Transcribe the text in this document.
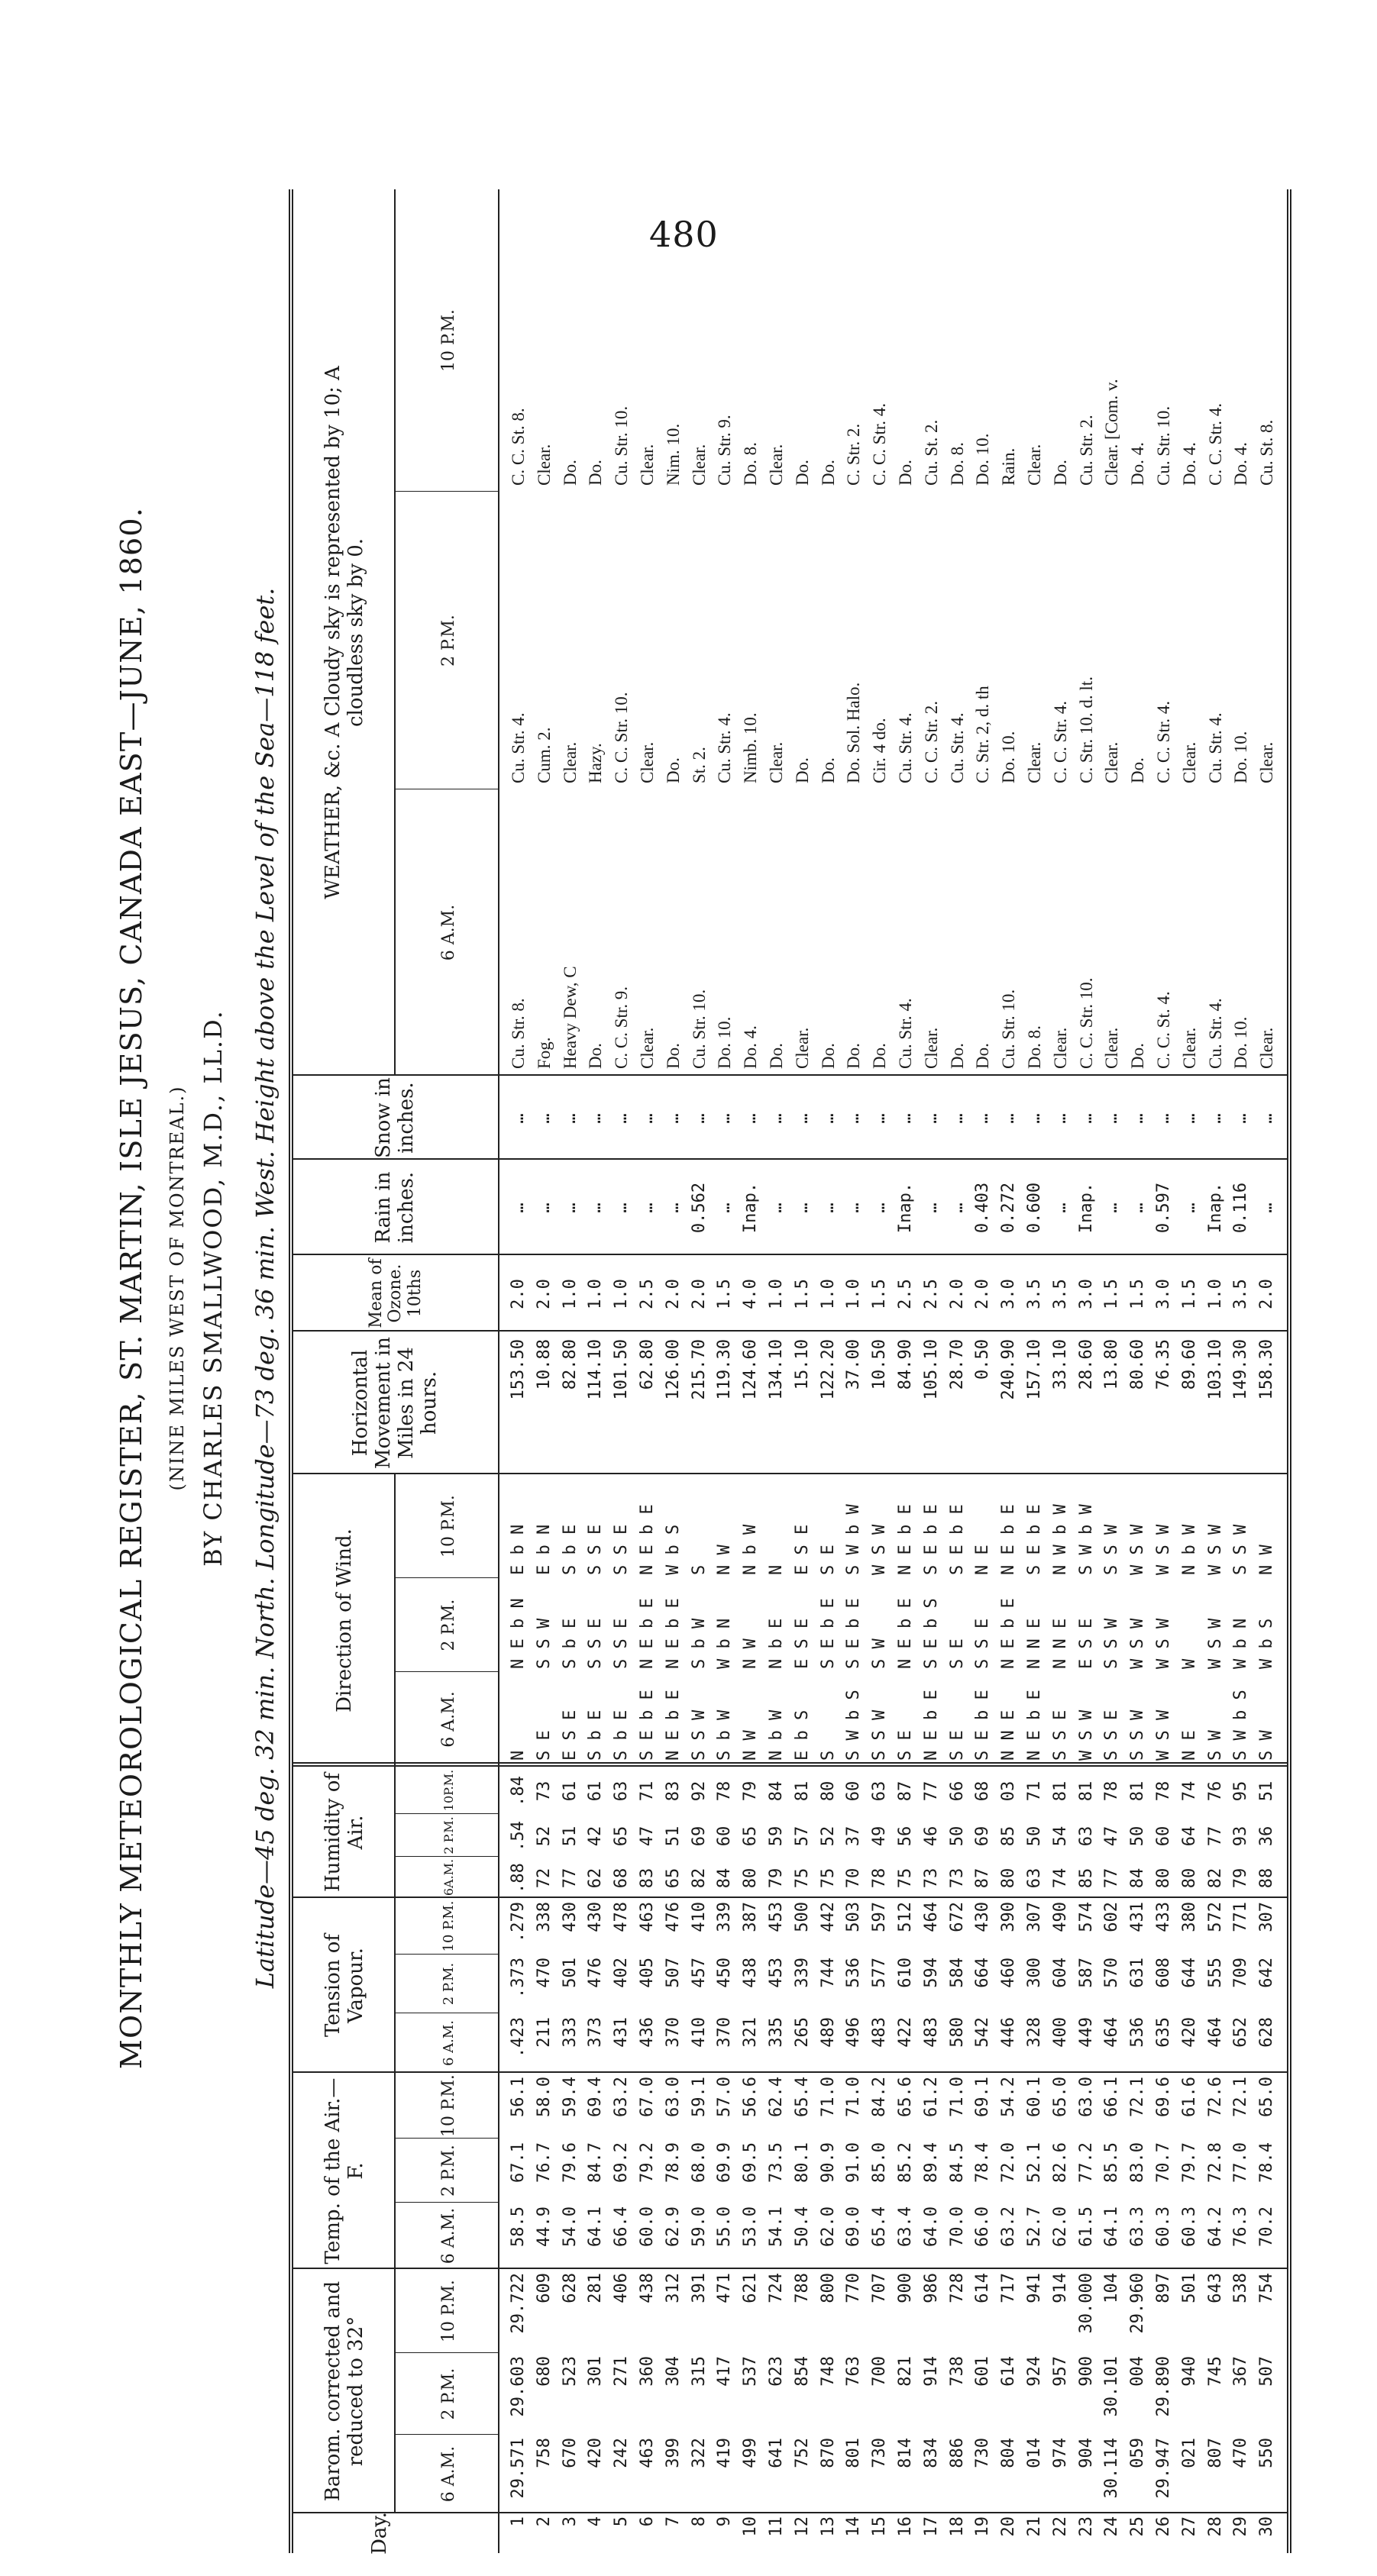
480
MONTHLY METEOROLOGICAL REGISTER, ST. MARTIN, ISLE JESUS, CANADA EAST—JUNE, 1860. (NINE MILES WEST OF MONTREAL.) BY CHARLES SMALLWOOD, M.D., LL.D. Latitude—45 deg. 32 min. North. Longitude—73 deg. 36 min. West. Height above the Level of the Sea—118 feet.
Day.
Barom. corrected and reduced to 32°
Temp. of the Air.—F.
Tension of Vapour.
Humidity of Air.
Direction of Wind.
Horizontal Movement in Miles in 24 hours.
Mean of Ozone. 10ths
Rain in inches.
Snow in inches.
WEATHER, &c. A Cloudy sky is represented by 10; A cloudless sky by 0.
6 A.M.
2 P.M.
10 P.M.
6 A.M.
2 P.M.
10 P.M.
6 A.M.
2 P.M.
10 P.M.
6A.M.
2 P.M.
10P.M.
6 A.M.
2 P.M.
10 P.M.
6 A.M.
2 P.M.
10 P.M.
1
29.571
29.603
29.722
58.5
67.1
56.1
.423
.373
.279
.88
.54
.84
N
N E b N
E b N
153.50
2.0
…
…
Cu. Str. 8.
Cu. Str. 4.
C. C. St. 8.
2
758
680
609
44.9
76.7
58.0
211
470
338
72
52
73
S E
S S W
E b N
10.88
2.0
…
…
Fog.
Cum. 2.
Clear.
3
670
523
628
54.0
79.6
59.4
333
501
430
77
51
61
E S E
S b E
S b E
82.80
1.0
…
…
Heavy Dew, C
Clear.
Do.
4
420
301
281
64.1
84.7
69.4
373
476
430
62
42
61
S b E
S S E
S S E
114.10
1.0
…
…
Do.
Hazy.
Do.
5
242
271
406
66.4
69.2
63.2
431
402
478
68
65
63
S b E
S S E
S S E
101.50
1.0
…
…
C. C. Str. 9.
C. C. Str. 10.
Cu. Str. 10.
6
463
360
438
60.0
79.2
67.0
436
405
463
83
47
71
S E b E
N E b E
N E b E
62.80
2.5
…
…
Clear.
Clear.
Clear.
7
399
304
312
62.9
78.9
63.0
370
507
476
65
51
83
N E b E
N E b E
W b S
126.00
2.0
…
…
Do.
Do.
Nim. 10.
8
322
315
391
59.0
68.0
59.1
410
457
410
82
69
92
S S W
S b W
S
215.70
2.0
0.562
…
Cu. Str. 10.
St. 2.
Clear.
9
419
417
471
55.0
69.9
57.0
370
450
339
84
60
78
S b W
W b N
N W
119.30
1.5
…
…
Do. 10.
Cu. Str. 4.
Cu. Str. 9.
10
499
537
621
53.0
69.5
56.6
321
438
387
80
65
79
N W
N W
N b W
124.60
4.0
Inap.
…
Do. 4.
Nimb. 10.
Do. 8.
11
641
623
724
54.1
73.5
62.4
335
453
453
79
59
84
N b W
N b E
N
134.10
1.0
…
…
Do.
Clear.
Clear.
12
752
854
788
50.4
80.1
65.4
265
339
500
75
57
81
E b S
E S E
E S E
15.10
1.5
…
…
Clear.
Do.
Do.
13
870
748
800
62.0
90.9
71.0
489
744
442
75
52
80
S
S E b E
S E
122.20
1.0
…
…
Do.
Do.
Do.
14
801
763
770
69.0
91.0
71.0
496
536
503
70
37
60
S W b S
S E b E
S W b W
37.00
1.0
…
…
Do.
Do. Sol. Halo.
C. Str. 2.
15
730
700
707
65.4
85.0
84.2
483
577
597
78
49
63
S S W
S W
W S W
10.50
1.5
…
…
Do.
Cir. 4 do.
C. C. Str. 4.
16
814
821
900
63.4
85.2
65.6
422
610
512
75
56
87
S E
N E b E
N E b E
84.90
2.5
Inap.
…
Cu. Str. 4.
Cu. Str. 4.
Do.
17
834
914
986
64.0
89.4
61.2
483
594
464
73
46
77
N E b E
S E b S
S E b E
105.10
2.5
…
…
Clear.
C. C. Str. 2.
Cu. St. 2.
18
886
738
728
70.0
84.5
71.0
580
584
672
73
50
66
S E
S E
S E b E
28.70
2.0
…
…
Do.
Cu. Str. 4.
Do. 8.
19
730
601
614
66.0
78.4
69.1
542
664
430
87
69
68
S E b E
S S E
N E
0.50
2.0
0.403
…
Do.
C. Str. 2, d. th
Do. 10.
20
804
614
717
63.2
72.0
54.2
446
460
390
80
85
03
N N E
N E b E
N E b E
240.90
3.0
0.272
…
Cu. Str. 10.
Do. 10.
Rain.
21
014
924
941
52.7
52.1
60.1
328
300
307
63
50
71
N E b E
N N E
S E b E
157.10
3.5
0.600
…
Do. 8.
Clear.
Clear.
22
974
957
914
62.0
82.6
65.0
400
604
490
74
54
81
S S E
N N E
N W b W
33.10
3.5
…
…
Clear.
C. C. Str. 4.
Do.
23
904
900
30.000
61.5
77.2
63.0
449
587
574
85
63
81
W S W
E S E
S W b W
28.60
3.0
Inap.
…
C. C. Str. 10.
C. Str. 10. d. lt.
Cu. Str. 2.
24
30.114
30.101
104
64.1
85.5
66.1
464
570
602
77
47
78
S S E
S S W
S S W
13.80
1.5
…
…
Clear.
Clear.
Clear. [Com. v.
25
059
004
29.960
63.3
83.0
72.1
536
631
431
84
50
81
S S W
W S W
W S W
80.60
1.5
…
…
Do.
Do.
Do. 4.
26
29.947
29.890
897
60.3
70.7
69.6
635
608
433
80
60
78
W S W
W S W
W S W
76.35
3.0
0.597
…
C. C. St. 4.
C. C. Str. 4.
Cu. Str. 10.
27
021
940
501
60.3
79.7
61.6
420
644
380
80
64
74
N E
W
N b W
89.60
1.5
…
…
Clear.
Clear.
Do. 4.
28
807
745
643
64.2
72.8
72.6
464
555
572
82
77
76
S W
W S W
W S W
103.10
1.0
Inap.
…
Cu. Str. 4.
Cu. Str. 4.
C. C. Str. 4.
29
470
367
538
76.3
77.0
72.1
652
709
771
79
93
95
S W b S
W b N
S S W
149.30
3.5
0.116
…
Do. 10.
Do. 10.
Do. 4.
30
550
507
754
70.2
78.4
65.0
628
642
307
88
36
51
S W
W b S
N W
158.30
2.0
…
…
Clear.
Clear.
Cu. St. 8.
